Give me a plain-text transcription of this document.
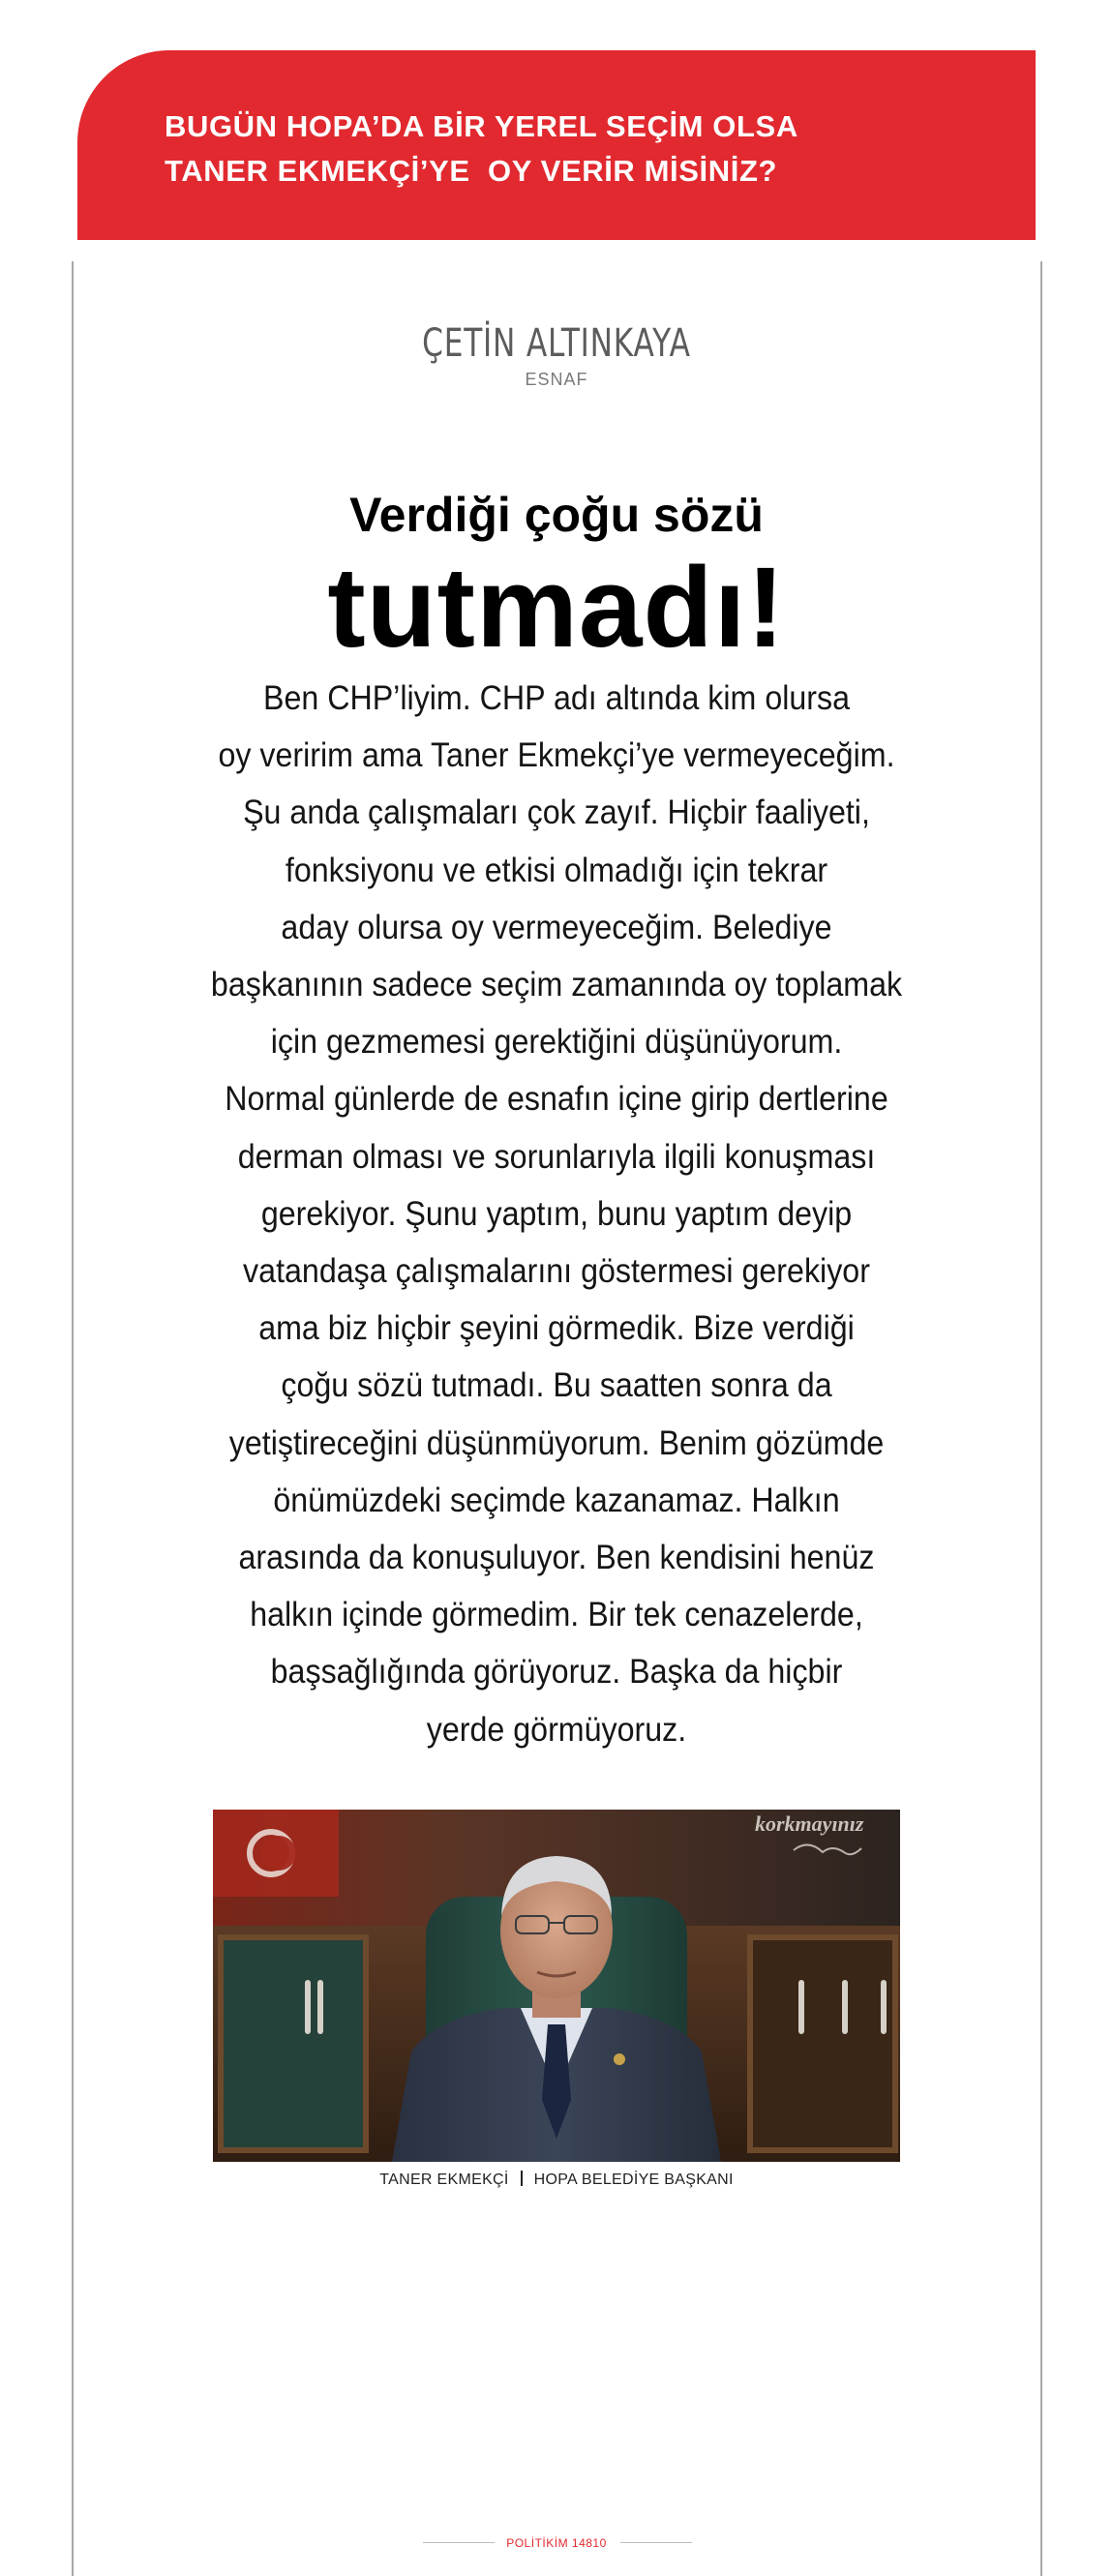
BUGÜN HOPA’DA BİR YEREL SEÇİM OLSA
TANER EKMEKÇİ’YE  OY VERİR MİSİNİZ?
ÇETİN ALTINKAYA
ESNAF
Verdiği çoğu sözü
tutmadı!
Ben CHP’liyim. CHP adı altında kim olursa
oy veririm ama Taner Ekmekçi’ye vermeyeceğim.
Şu anda çalışmaları çok zayıf. Hiçbir faaliyeti,
fonksiyonu ve etkisi olmadığı için tekrar
aday olursa oy vermeyeceğim. Belediye
başkanının sadece seçim zamanında oy toplamak
için gezmemesi gerektiğini düşünüyorum.
Normal günlerde de esnafın içine girip dertlerine
derman olması ve sorunlarıyla ilgili konuşması
gerekiyor. Şunu yaptım, bunu yaptım deyip
vatandaşa çalışmalarını göstermesi gerekiyor
ama biz hiçbir şeyini görmedik. Bize verdiği
çoğu sözü tutmadı. Bu saatten sonra da
yetiştireceğini düşünmüyorum. Benim gözümde
önümüzdeki seçimde kazanamaz. Halkın
arasında da konuşuluyor. Ben kendisini henüz
halkın içinde görmedim. Bir tek cenazelerde,
başsağlığında görüyoruz. Başka da hiçbir
yerde görmüyoruz.
korkmayınız
TANER EKMEKÇİ HOPA BELEDİYE BAŞKANI
POLİTİKİM 14810
